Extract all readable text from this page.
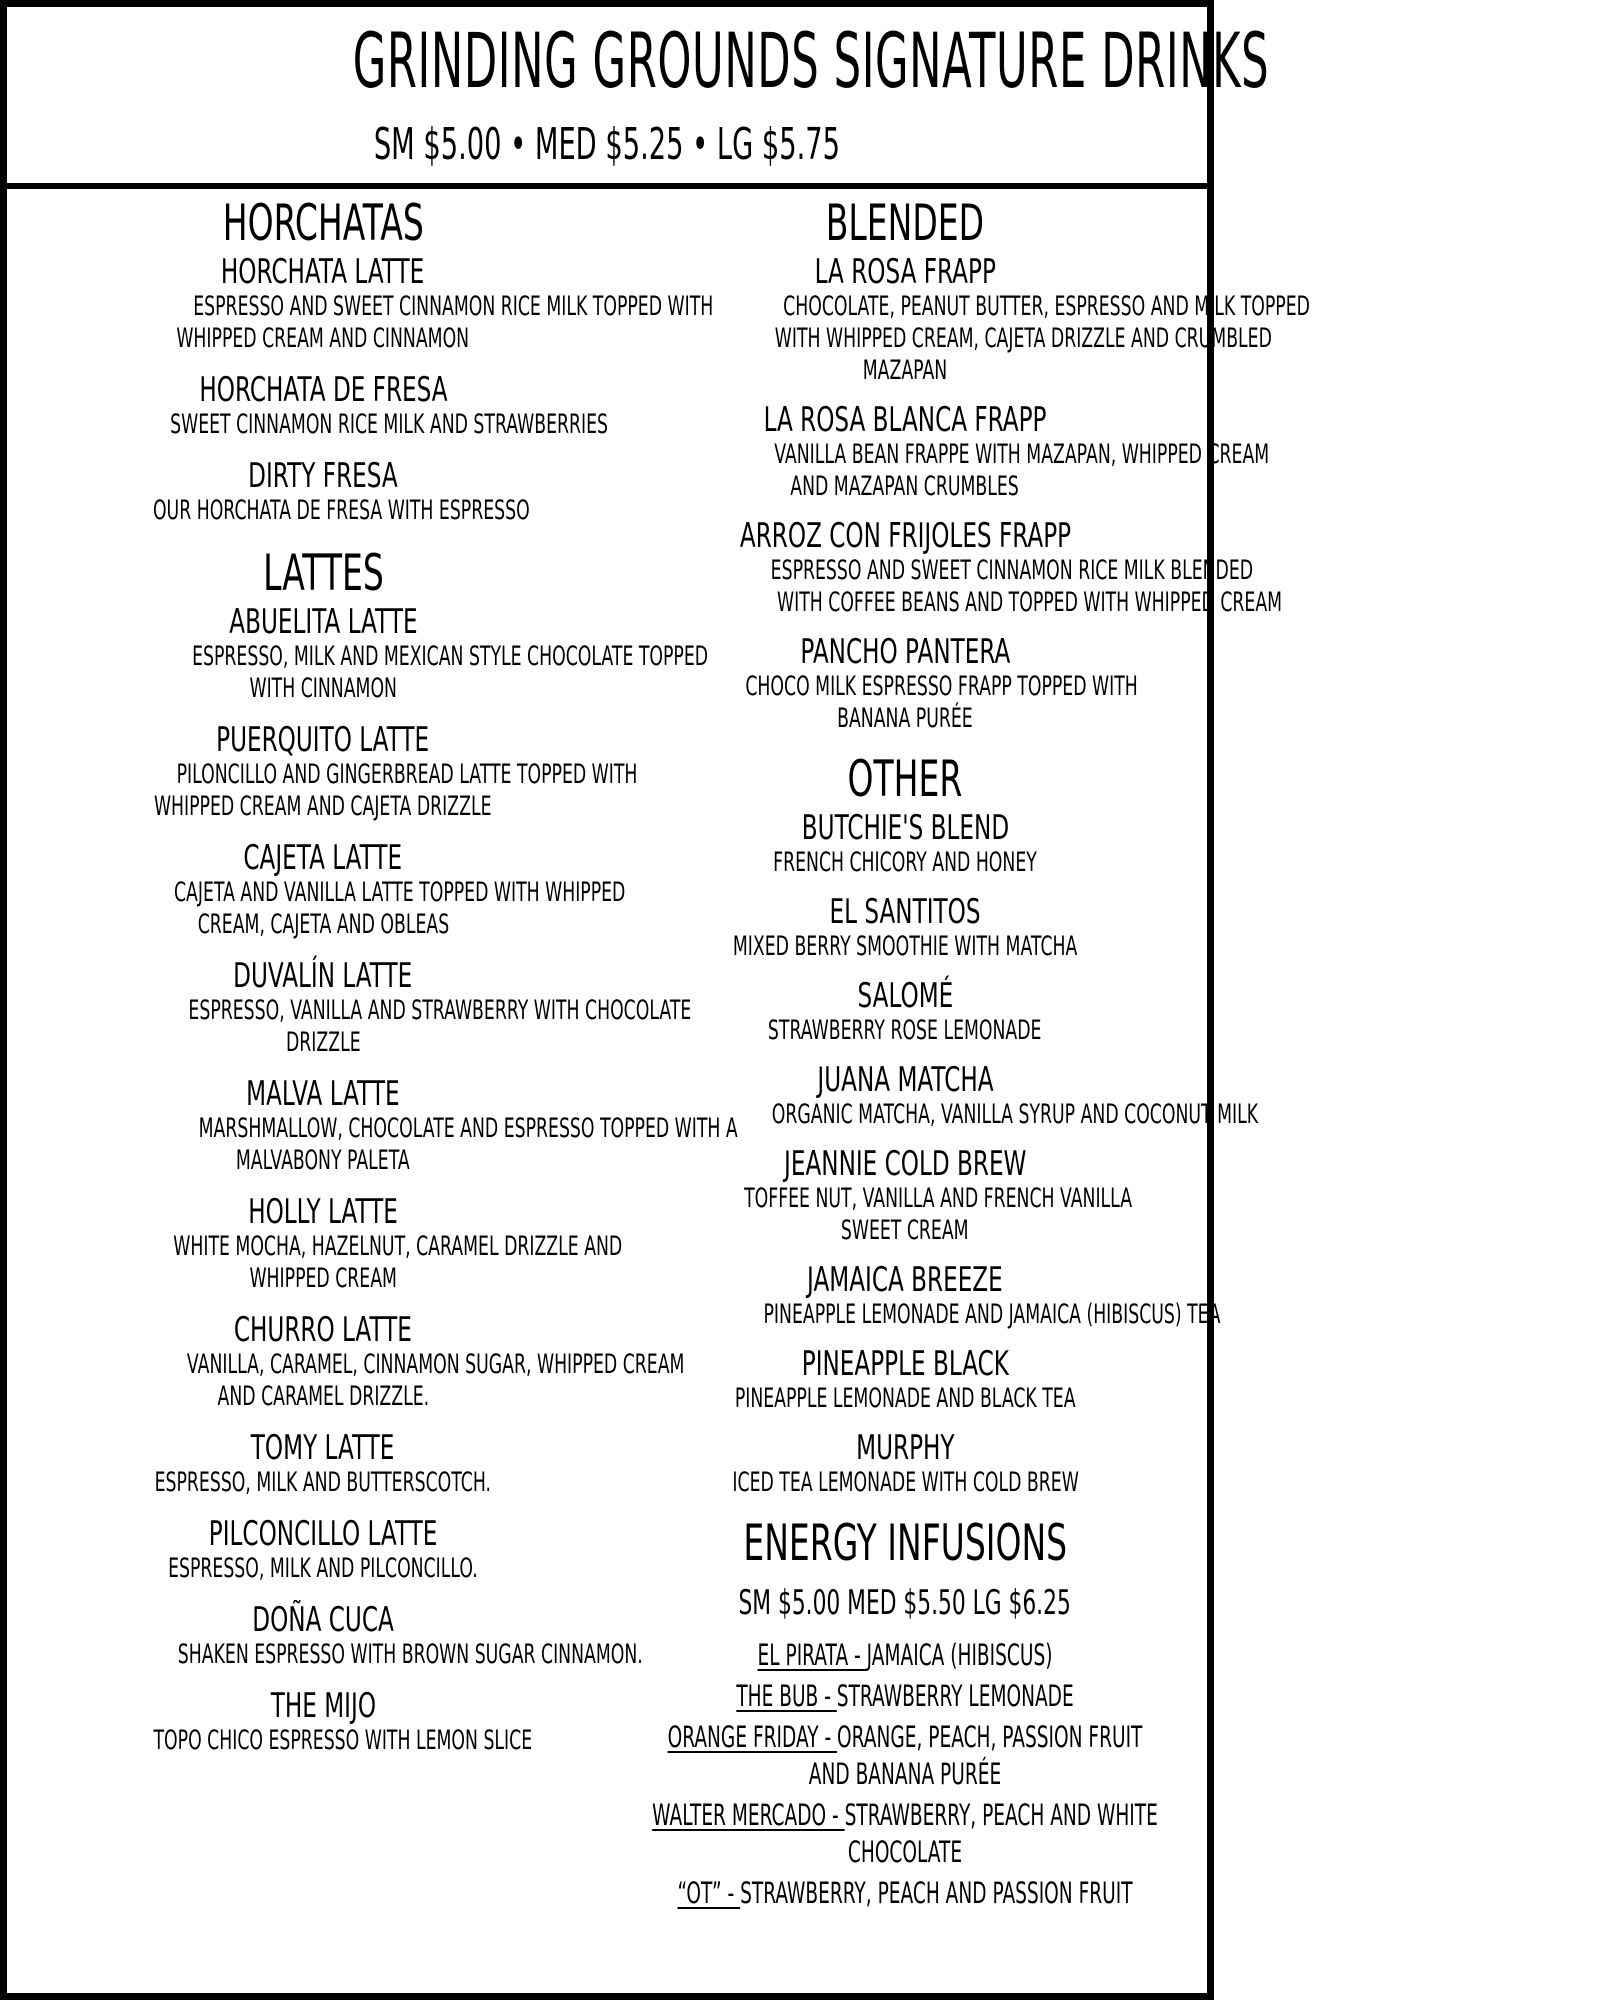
GRINDING GROUNDS SIGNATURE DRINKS
SM $5.00 • MED $5.25 • LG $5.75
HORCHATAS
HORCHATA LATTE
ESPRESSO AND SWEET CINNAMON RICE MILK TOPPED WITH
WHIPPED CREAM AND CINNAMON
HORCHATA DE FRESA
SWEET CINNAMON RICE MILK AND STRAWBERRIES
DIRTY FRESA
OUR HORCHATA DE FRESA WITH ESPRESSO
LATTES
ABUELITA LATTE
ESPRESSO, MILK AND MEXICAN STYLE CHOCOLATE TOPPED
WITH CINNAMON
PUERQUITO LATTE
PILONCILLO AND GINGERBREAD LATTE TOPPED WITH
WHIPPED CREAM AND CAJETA DRIZZLE
CAJETA LATTE
CAJETA AND VANILLA LATTE TOPPED WITH WHIPPED
CREAM, CAJETA AND OBLEAS
DUVALÍN LATTE
ESPRESSO, VANILLA AND STRAWBERRY WITH CHOCOLATE
DRIZZLE
MALVA LATTE
MARSHMALLOW, CHOCOLATE AND ESPRESSO TOPPED WITH A
MALVABONY PALETA
HOLLY LATTE
WHITE MOCHA, HAZELNUT, CARAMEL DRIZZLE AND
WHIPPED CREAM
CHURRO LATTE
VANILLA, CARAMEL, CINNAMON SUGAR, WHIPPED CREAM
AND CARAMEL DRIZZLE.
TOMY LATTE
ESPRESSO, MILK AND BUTTERSCOTCH.
PILCONCILLO LATTE
ESPRESSO, MILK AND PILCONCILLO.
DOÑA CUCA
SHAKEN ESPRESSO WITH BROWN SUGAR CINNAMON.
THE MIJO
TOPO CHICO ESPRESSO WITH LEMON SLICE
BLENDED
LA ROSA FRAPP
CHOCOLATE, PEANUT BUTTER, ESPRESSO AND MILK TOPPED
WITH WHIPPED CREAM, CAJETA DRIZZLE AND CRUMBLED
MAZAPAN
LA ROSA BLANCA FRAPP
VANILLA BEAN FRAPPE WITH MAZAPAN, WHIPPED CREAM
AND MAZAPAN CRUMBLES
ARROZ CON FRIJOLES FRAPP
ESPRESSO AND SWEET CINNAMON RICE MILK BLENDED
WITH COFFEE BEANS AND TOPPED WITH WHIPPED CREAM
PANCHO PANTERA
CHOCO MILK ESPRESSO FRAPP TOPPED WITH
BANANA PURÉE
OTHER
BUTCHIE'S BLEND
FRENCH CHICORY AND HONEY
EL SANTITOS
MIXED BERRY SMOOTHIE WITH MATCHA
SALOMÉ
STRAWBERRY ROSE LEMONADE
JUANA MATCHA
ORGANIC MATCHA, VANILLA SYRUP AND COCONUT MILK
JEANNIE COLD BREW
TOFFEE NUT, VANILLA AND FRENCH VANILLA
SWEET CREAM
JAMAICA BREEZE
PINEAPPLE LEMONADE AND JAMAICA (HIBISCUS) TEA
PINEAPPLE BLACK
PINEAPPLE LEMONADE AND BLACK TEA
MURPHY
ICED TEA LEMONADE WITH COLD BREW
ENERGY INFUSIONS
SM $5.00 MED $5.50 LG $6.25
EL PIRATA - JAMAICA (HIBISCUS)
THE BUB - STRAWBERRY LEMONADE
ORANGE FRIDAY - ORANGE, PEACH, PASSION FRUIT AND BANANA PURÉE
WALTER MERCADO - STRAWBERRY, PEACH AND WHITE CHOCOLATE
“OT” - STRAWBERRY, PEACH AND PASSION FRUIT
